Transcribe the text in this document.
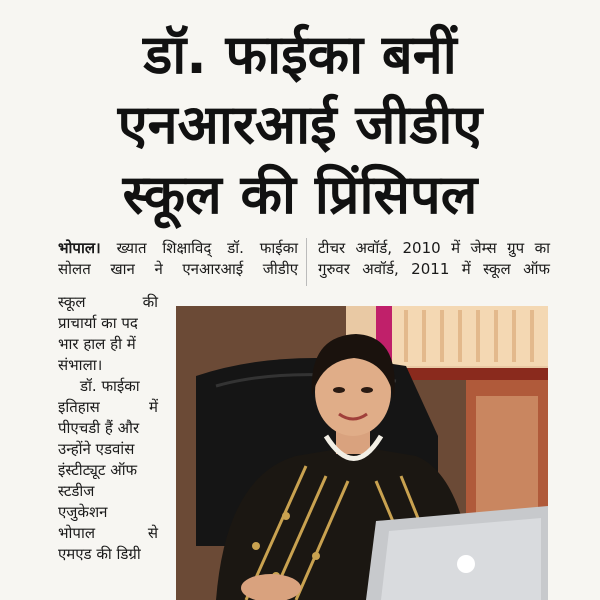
डॉ. फाईका बनीं
एनआरआई जीडीए
स्कूल की प्रिंसिपल

भोपाल। ख्यात शिक्षाविद् डॉ. फाईका

सोलत खान ने एनआरआई जीडीए

टीचर अवॉर्ड, 2010 में जेम्स ग्रुप का

गुरुवर अवॉर्ड, 2011 में स्कूल ऑफ

स्कूल की

प्राचार्या का पद

भार हाल ही में

संभाला।

डॉ. फाईका

इतिहास में

पीएचडी हैं और

उन्होंने एडवांस

इंस्टीट्यूट ऑफ

स्टडीज

एजुकेशन

भोपाल से

एमएड की डिग्री
